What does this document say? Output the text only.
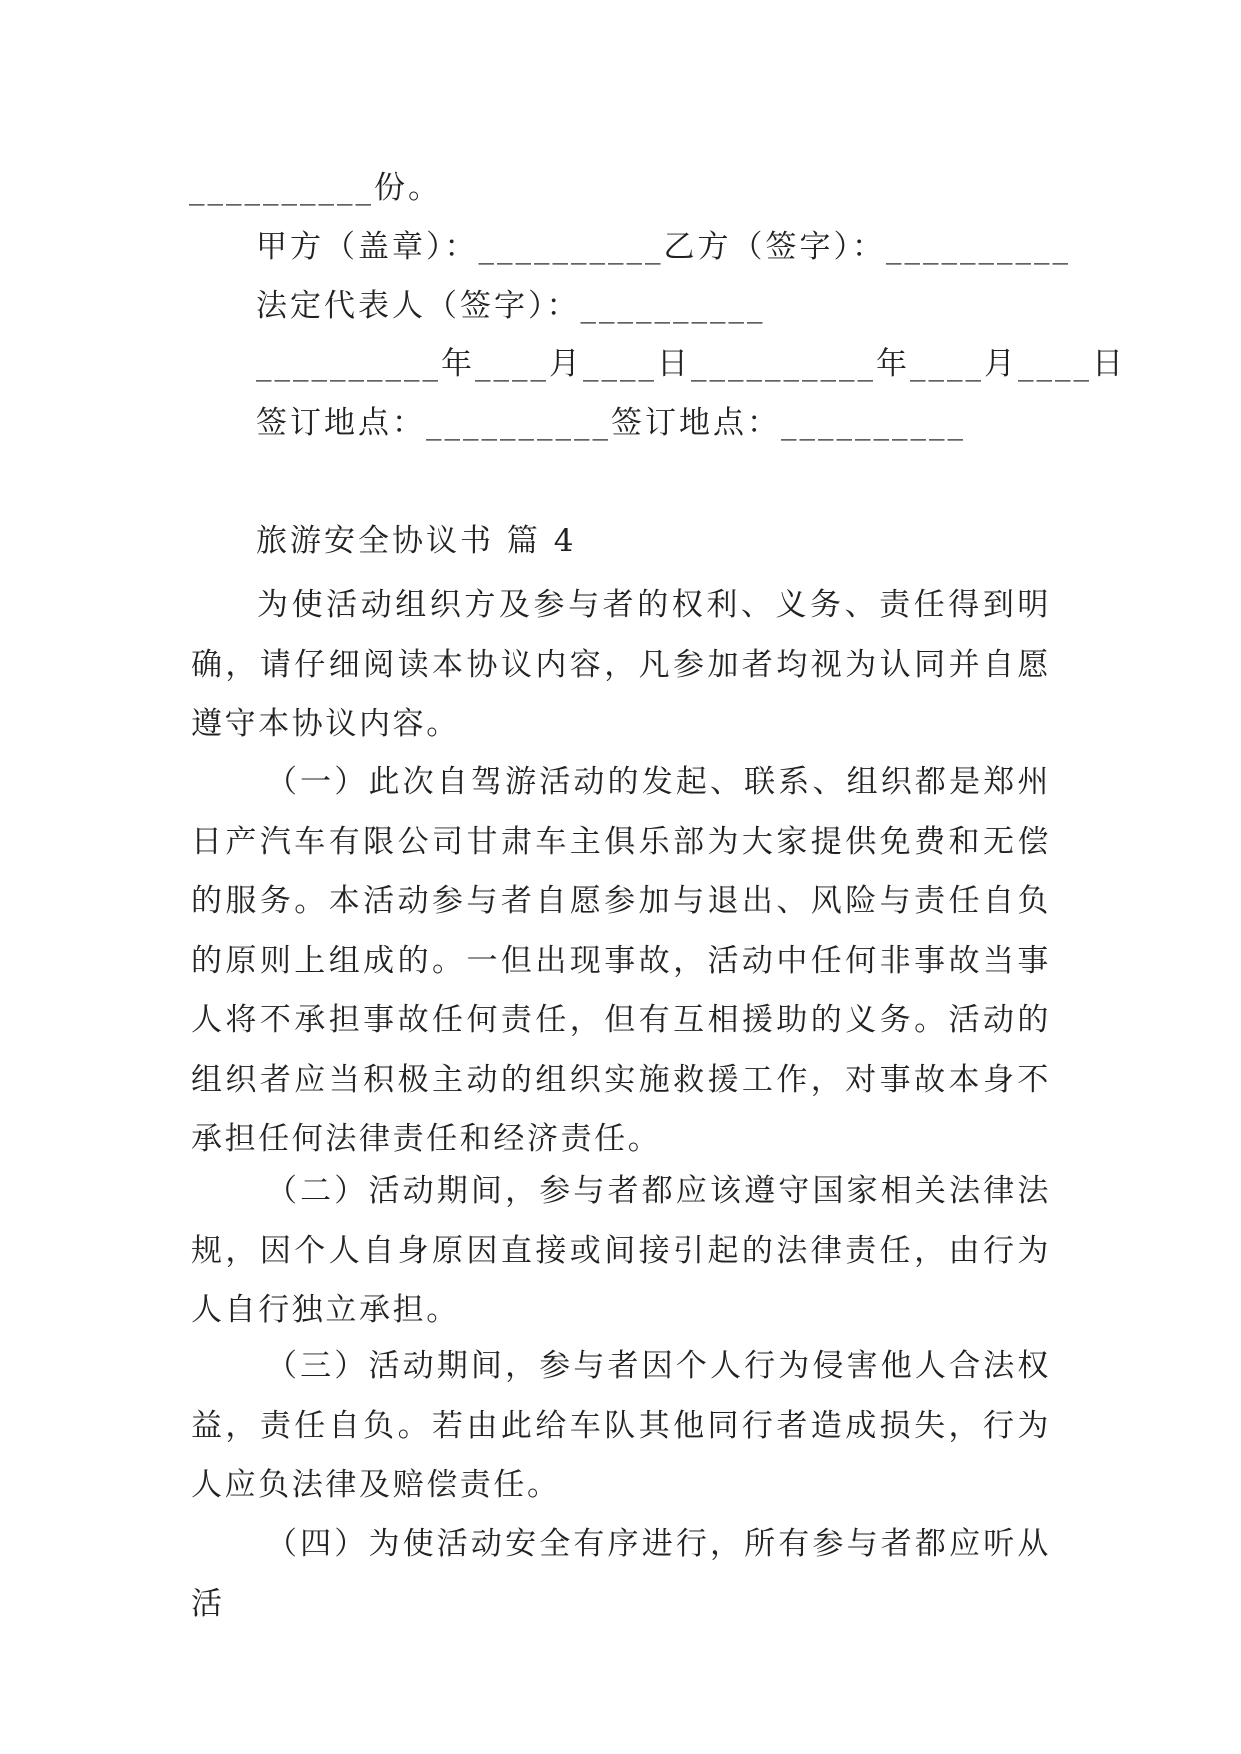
__________份。
甲方（盖章）：__________乙方（签字）：__________
法定代表人（签字）：__________
__________年____月____日__________年____月____日
签订地点：__________签订地点：__________
旅游安全协议书 篇 4
为使活动组织方及参与者的权利、义务、责任得到明确，请仔细阅读本协议内容，凡参加者均视为认同并自愿遵守本协议内容。
（一）此次自驾游活动的发起、联系、组织都是郑州日产汽车有限公司甘肃车主俱乐部为大家提供免费和无偿的服务。本活动参与者自愿参加与退出、风险与责任自负的原则上组成的。一但出现事故，活动中任何非事故当事人将不承担事故任何责任，但有互相援助的义务。活动的组织者应当积极主动的组织实施救援工作，对事故本身不承担任何法律责任和经济责任。
（二）活动期间，参与者都应该遵守国家相关法律法规，因个人自身原因直接或间接引起的法律责任，由行为人自行独立承担。
（三）活动期间，参与者因个人行为侵害他人合法权益，责任自负。若由此给车队其他同行者造成损失，行为人应负法律及赔偿责任。
（四）为使活动安全有序进行，所有参与者都应听从活
